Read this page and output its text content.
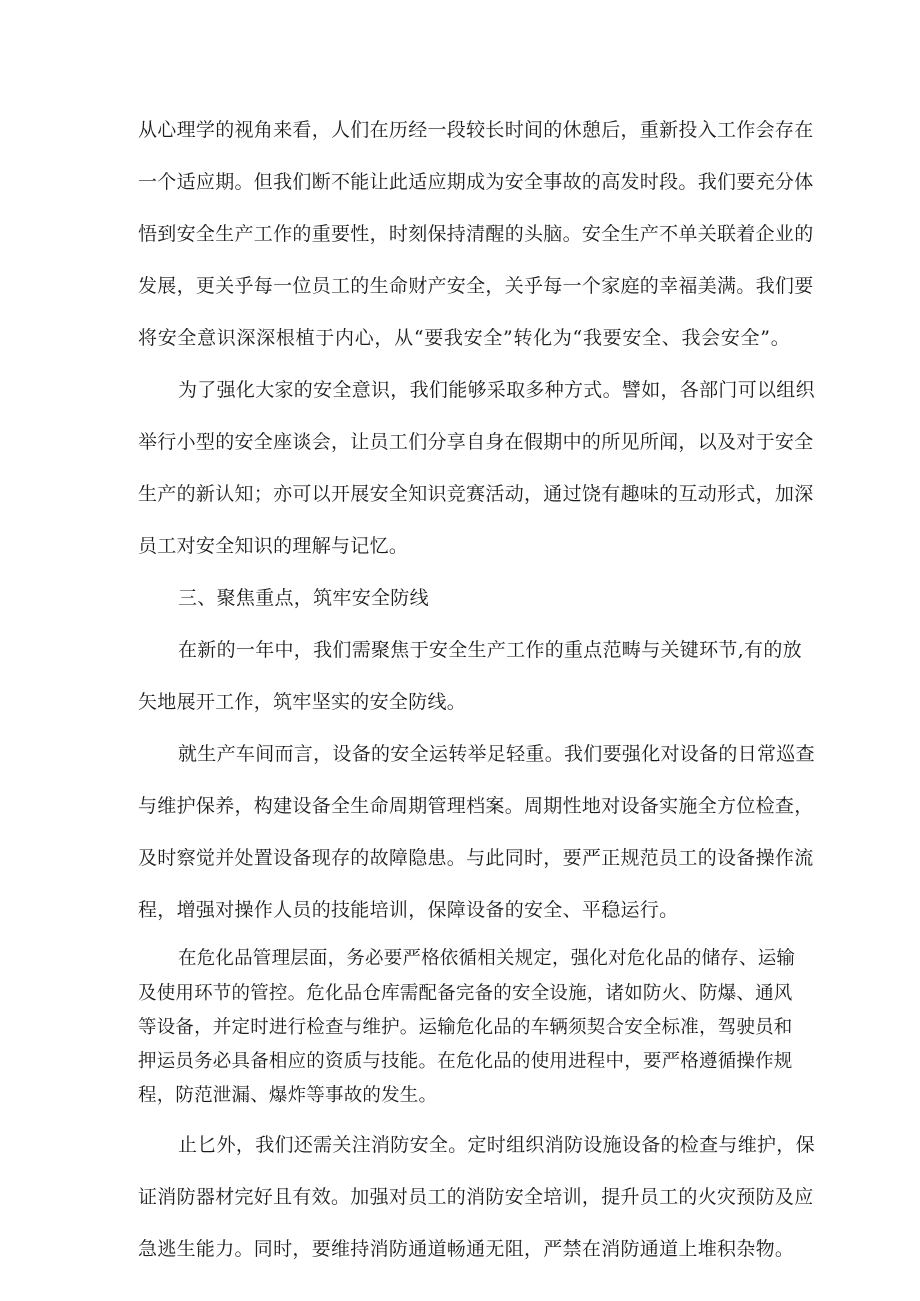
从心理学的视角来看，人们在历经一段较长时间的休憩后，重新投入工作会存在

一个适应期。但我们断不能让此适应期成为安全事故的高发时段。我们要充分体

悟到安全生产工作的重要性，时刻保持清醒的头脑。安全生产不单关联着企业的

发展，更关乎每一位员工的生命财产安全，关乎每一个家庭的幸福美满。我们要

将安全意识深深根植于内心，从“要我安全”转化为“我要安全、我会安全”。

为了强化大家的安全意识，我们能够采取多种方式。譬如，各部门可以组织

举行小型的安全座谈会，让员工们分享自身在假期中的所见所闻，以及对于安全

生产的新认知；亦可以开展安全知识竞赛活动，通过饶有趣味的互动形式，加深

员工对安全知识的理解与记忆。

三、聚焦重点，筑牢安全防线

在新的一年中，我们需聚焦于安全生产工作的重点范畴与关键环节,有的放

矢地展开工作，筑牢坚实的安全防线。

就生产车间而言，设备的安全运转举足轻重。我们要强化对设备的日常巡查

与维护保养，构建设备全生命周期管理档案。周期性地对设备实施全方位检查，

及时察觉并处置设备现存的故障隐患。与此同时，要严正规范员工的设备操作流

程，增强对操作人员的技能培训，保障设备的安全、平稳运行。

在危化品管理层面，务必要严格依循相关规定，强化对危化品的储存、运输

及使用环节的管控。危化品仓库需配备完备的安全设施，诸如防火、防爆、通风

等设备，并定时进行检查与维护。运输危化品的车辆须契合安全标准，驾驶员和

押运员务必具备相应的资质与技能。在危化品的使用进程中，要严格遵循操作规

程，防范泄漏、爆炸等事故的发生。

止匕外，我们还需关注消防安全。定时组织消防设施设备的检查与维护，保

证消防器材完好且有效。加强对员工的消防安全培训，提升员工的火灾预防及应

急逃生能力。同时，要维持消防通道畅通无阻，严禁在消防通道上堆积杂物。
